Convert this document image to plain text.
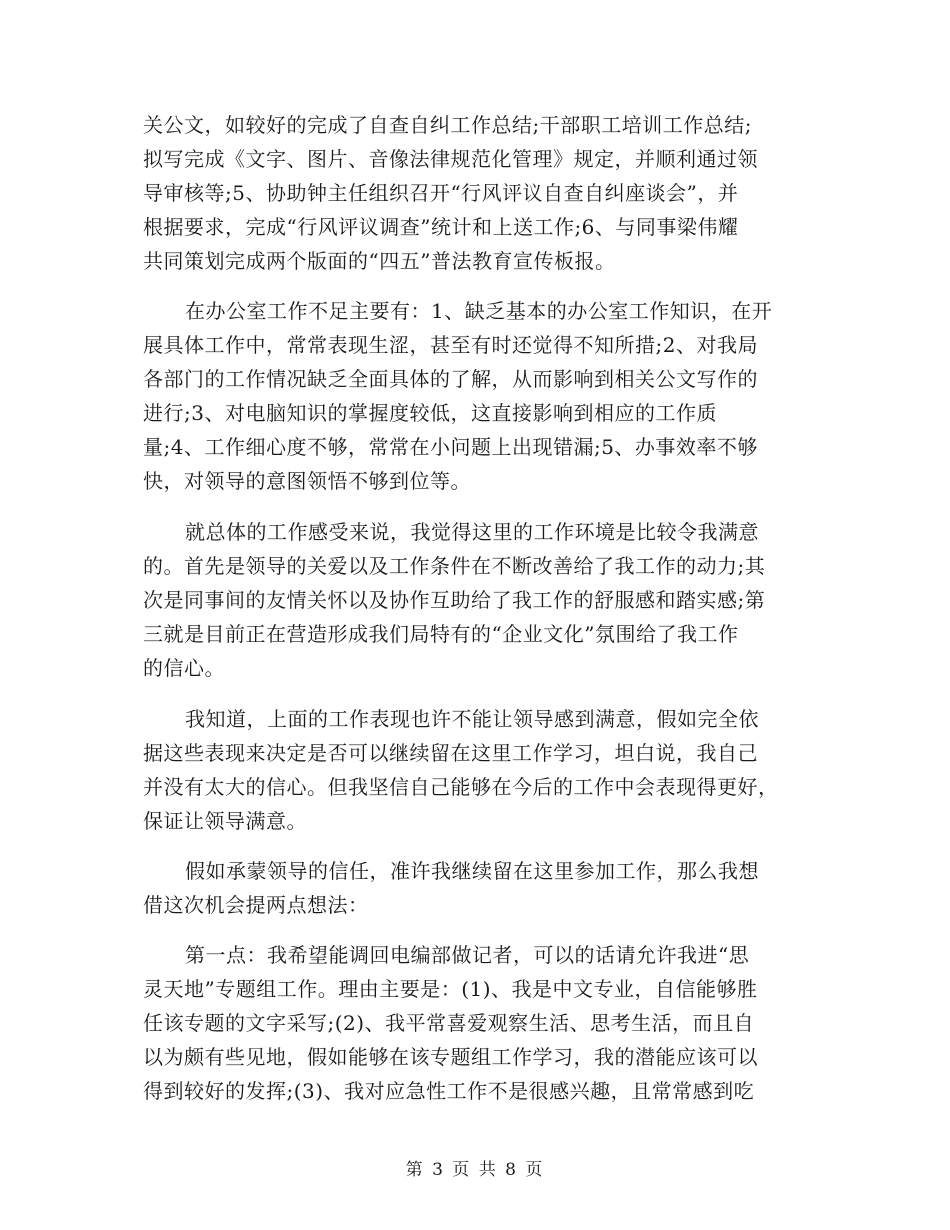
关公文，如较好的完成了自查自纠工作总结;干部职工培训工作总结;
拟写完成《文字、图片、音像法律规范化管理》规定，并顺利通过领
导审核等;5、协助钟主任组织召开“行风评议自查自纠座谈会”，并
根据要求，完成“行风评议调查”统计和上送工作;6、与同事梁伟耀
共同策划完成两个版面的“四五”普法教育宣传板报。
在办公室工作不足主要有：1、缺乏基本的办公室工作知识，在开
展具体工作中，常常表现生涩，甚至有时还觉得不知所措;2、对我局
各部门的工作情况缺乏全面具体的了解，从而影响到相关公文写作的
进行;3、对电脑知识的掌握度较低，这直接影响到相应的工作质
量;4、工作细心度不够，常常在小问题上出现错漏;5、办事效率不够
快，对领导的意图领悟不够到位等。
就总体的工作感受来说，我觉得这里的工作环境是比较令我满意
的。首先是领导的关爱以及工作条件在不断改善给了我工作的动力;其
次是同事间的友情关怀以及协作互助给了我工作的舒服感和踏实感;第
三就是目前正在营造形成我们局特有的“企业文化”氛围给了我工作
的信心。
我知道，上面的工作表现也许不能让领导感到满意，假如完全依
据这些表现来决定是否可以继续留在这里工作学习，坦白说，我自己
并没有太大的信心。但我坚信自己能够在今后的工作中会表现得更好，
保证让领导满意。
假如承蒙领导的信任，准许我继续留在这里参加工作，那么我想
借这次机会提两点想法：
第一点：我希望能调回电编部做记者，可以的话请允许我进“思
灵天地”专题组工作。理由主要是：(1)、我是中文专业，自信能够胜
任该专题的文字采写;(2)、我平常喜爱观察生活、思考生活，而且自
以为颇有些见地，假如能够在该专题组工作学习，我的潜能应该可以
得到较好的发挥;(3)、我对应急性工作不是很感兴趣，且常常感到吃
第 3 页 共 8 页
